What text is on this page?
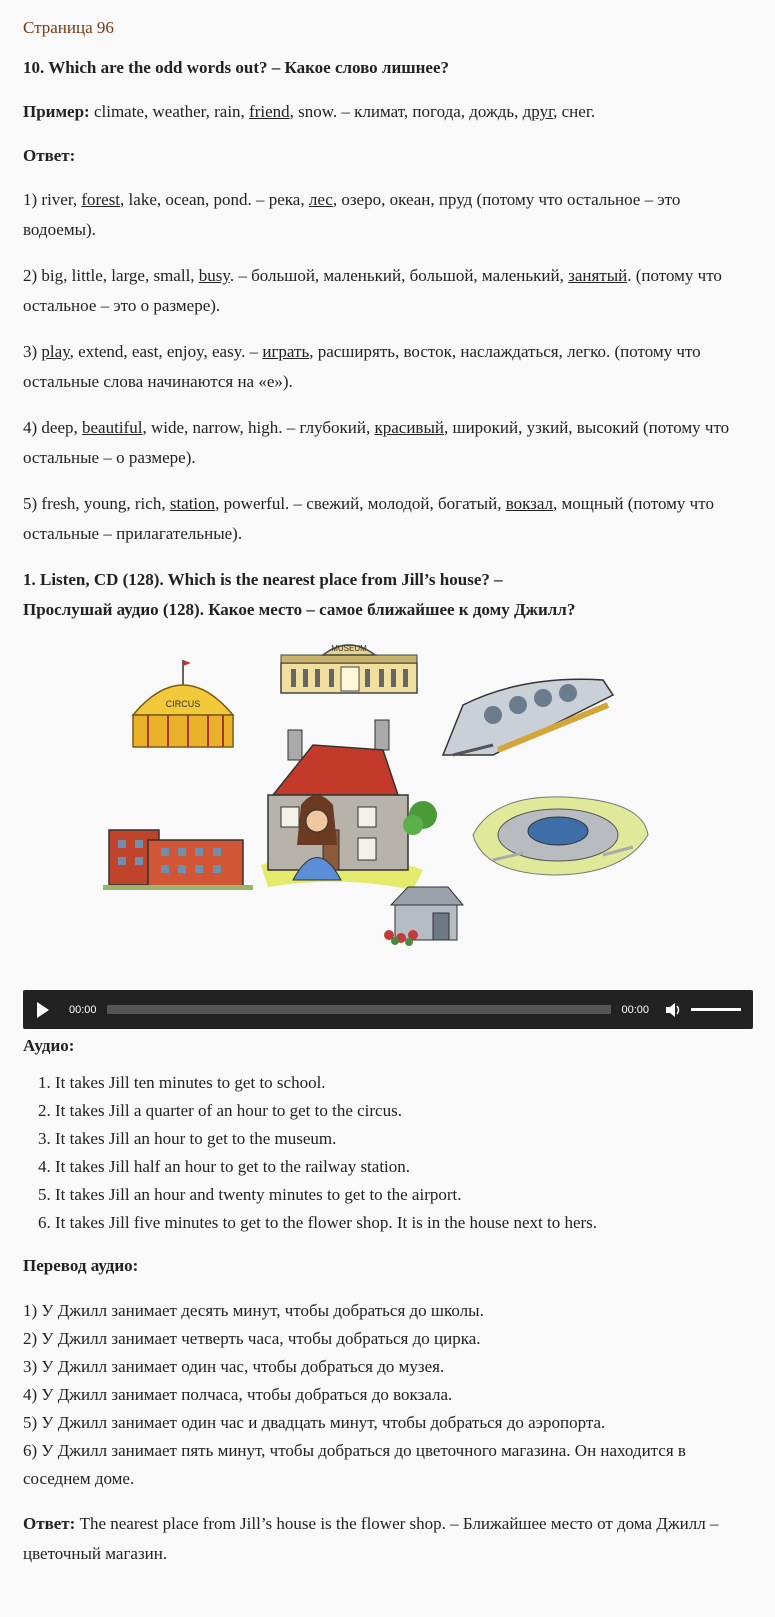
Страница 96

10. Which are the odd words out? – Какое слово лишнее?

Пример: climate, weather, rain, friend, snow. – климат, погода, дождь, друг, снег.

Ответ:

1) river, forest, lake, ocean, pond. – река, лес, озеро, океан, пруд (потому что остальное – это водоемы).

2) big, little, large, small, busy. – большой, маленький, большой, маленький, занятый. (потому что остальное – это о размере).

3) play, extend, east, enjoy, easy. – играть, расширять, восток, наслаждаться, легко. (потому что остальные слова начинаются на «e»).

4) deep, beautiful, wide, narrow, high. – глубокий, красивый, широкий, узкий, высокий (потому что остальные – о размере).

5) fresh, young, rich, station, powerful. – свежий, молодой, богатый, вокзал, мощный (потому что остальные – прилагательные).

1. Listen, CD (128). Which is the nearest place from Jill’s house? –

Прослушай аудио (128). Какое место – самое ближайшее к дому Джилл?

MUSEUM
CIRCUS
00:00	00:00

Аудио:

1. It takes Jill ten minutes to get to school.
2. It takes Jill a quarter of an hour to get to the circus.
3. It takes Jill an hour to get to the museum.
4. It takes Jill half an hour to get to the railway station.
5. It takes Jill an hour and twenty minutes to get to the airport.
6. It takes Jill five minutes to get to the flower shop. It is in the house next to hers.

Перевод аудио:

1) У Джилл занимает десять минут, чтобы добраться до школы.

2) У Джилл занимает четверть часа, чтобы добраться до цирка.

3) У Джилл занимает один час, чтобы добраться до музея.

4) У Джилл занимает полчаса, чтобы добраться до вокзала.

5) У Джилл занимает один час и двадцать минут, чтобы добраться до аэропорта.

6) У Джилл занимает пять минут, чтобы добраться до цветочного магазина. Он находится в соседнем доме.

Ответ: The nearest place from Jill’s house is the flower shop. – Ближайшее место от дома Джилл – цветочный магазин.
